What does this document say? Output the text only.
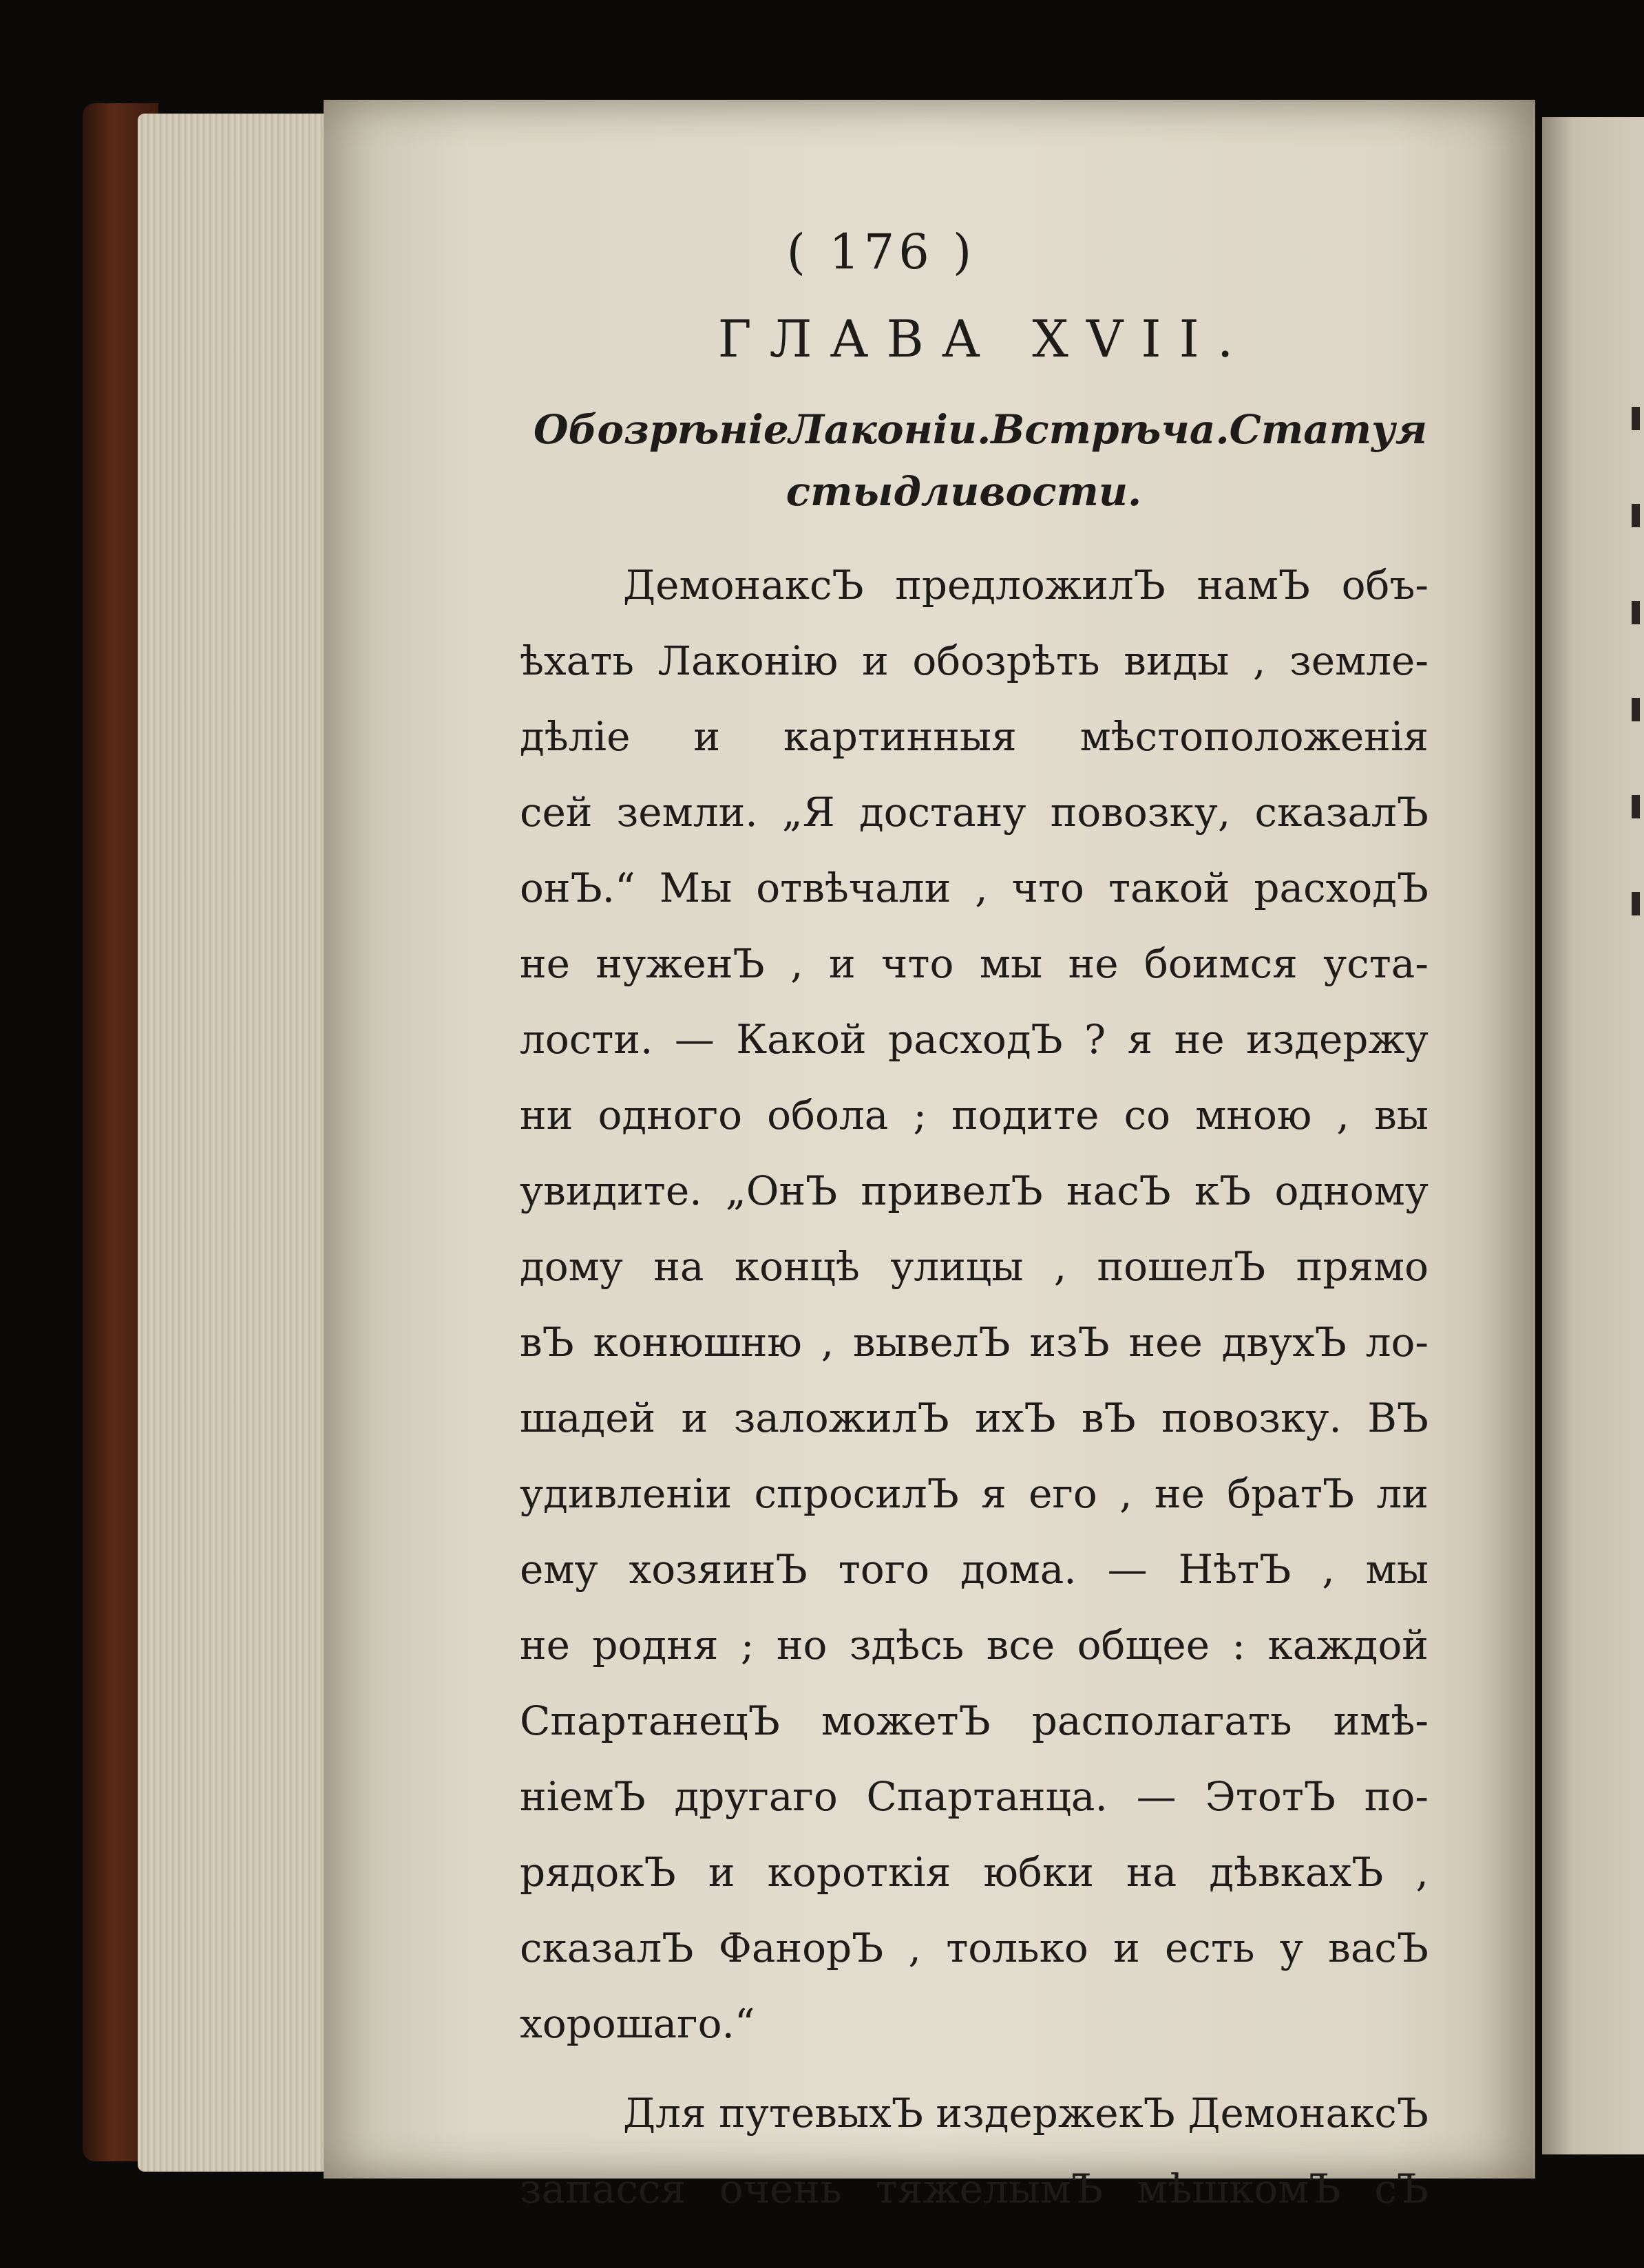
( 176 )
ГЛАВА XVII.
Обозрѣніе Лаконіи. Встрѣча. Статуя
стыдливости.
ДемонаксЪ предложилЪ намЪ объ-
ѣхать Лаконію и обозрѣть виды , земле-
дѣліе и картинныя мѣстоположенія
сей земли. „Я достану повозку, сказалЪ
онЪ.“ Мы отвѣчали , что такой расходЪ
не нуженЪ , и что мы не боимся уста-
лости. — Какой расходЪ ? я не издержу
ни одного обола ; подите со мною , вы
увидите. „ОнЪ привелЪ насЪ кЪ одному
дому на концѣ улицы , пошелЪ прямо
вЪ конюшню , вывелЪ изЪ нее двухЪ ло-
шадей и заложилЪ ихЪ вЪ повозку. ВЪ
удивленіи спросилЪ я его , не братЪ ли
ему хозяинЪ того дома. — НѣтЪ , мы
не родня ; но здѣсь все общее : каждой
СпартанецЪ можетЪ располагать имѣ-
ніемЪ другаго Спартанца. — ЭтотЪ по-
рядокЪ и короткія юбки на дѣвкахЪ ,
сказалЪ ФанорЪ , только и есть у васЪ
хорошаго.“
Для путевыхЪ издержекЪ ДемонаксЪ
запасся очень тяжелымЪ мѣшкомЪ сЪ
